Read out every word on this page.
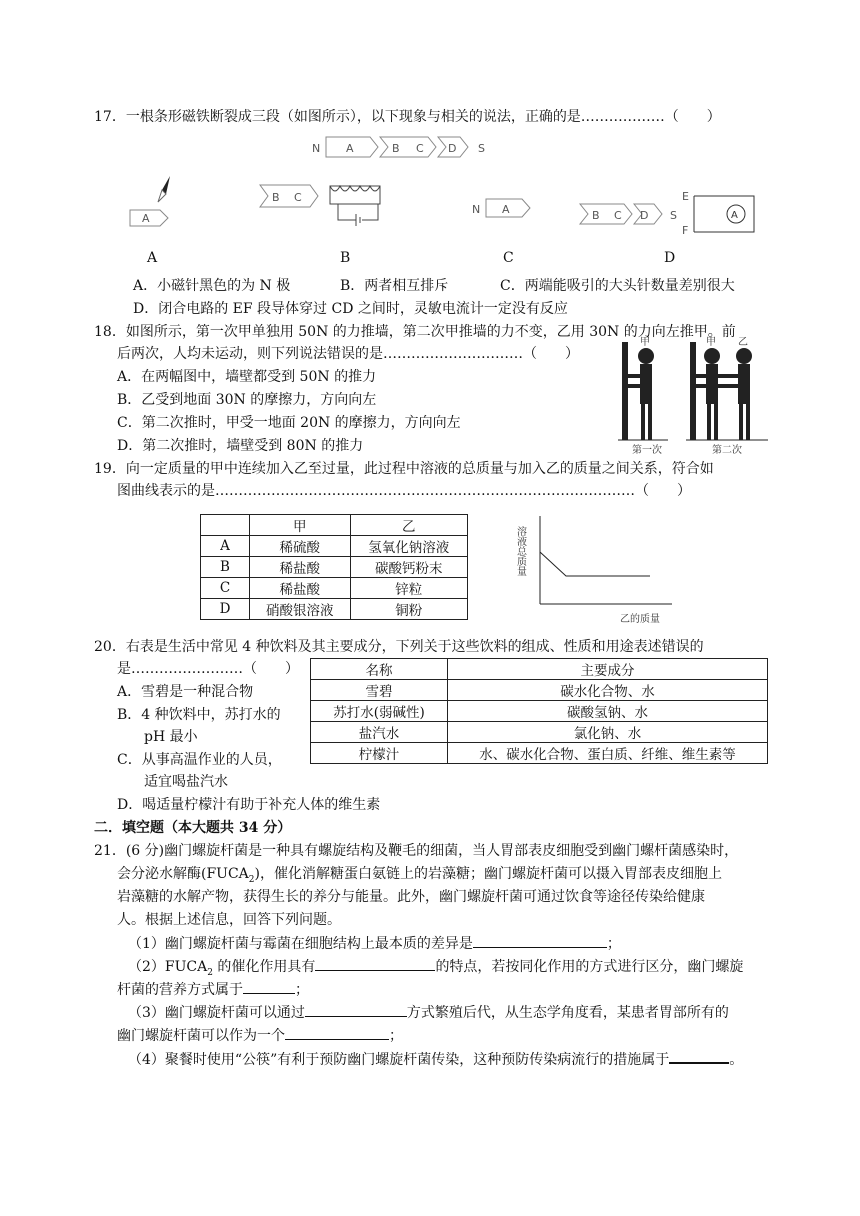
17．一根条形磁铁断裂成三段（如图所示），以下现象与相关的说法，正确的是………………（　　）
N A	B C D S
A
B C
N A	B C D S
E
F
A
A	B	C	D
A．小磁针黑色的为 N 极	B．两者相互排斥	C．两端能吸引的大头针数量差别很大
D．闭合电路的 EF 段导体穿过 CD 之间时，灵敏电流计一定没有反应
18．如图所示，第一次甲单独用 50N 的力推墙，第二次甲推墙的力不变，乙用 30N 的力向左推甲。前
后两次，人均未运动，则下列说法错误的是…………………………（　　）
A．在两幅图中，墙壁都受到 50N 的推力
B．乙受到地面 30N 的摩擦力，方向向左
C．第二次推时，甲受一地面 20N 的摩擦力，方向向左
D．第二次推时，墙壁受到 80N 的推力
甲
第一次
甲 乙
第二次
19．向一定质量的甲中连续加入乙至过量，此过程中溶液的总质量与加入乙的质量之间关系，符合如
图曲线表示的是………………………………………………………………………………（　　）
	甲	乙
A	稀硫酸	氢氧化钠溶液
B	稀盐酸	碳酸钙粉末
C	稀盐酸	锌粒
D	硝酸银溶液	铜粉
溶液总质量
乙的质量
20．右表是生活中常见 4 种饮料及其主要成分，下列关于这些饮料的组成、性质和用途表述错误的
是……………………（　　）
A．雪碧是一种混合物
B．4 种饮料中，苏打水的
pH 最小
C．从事高温作业的人员，
适宜喝盐汽水
D．喝适量柠檬汁有助于补充人体的维生素
名称	主要成分
雪碧	碳水化合物、水
苏打水(弱碱性)	碳酸氢钠、水
盐汽水	氯化钠、水
柠檬汁	水、碳水化合物、蛋白质、纤维、维生素等
二．填空题（本大题共 34 分）
21．(6 分)幽门螺旋杆菌是一种具有螺旋结构及鞭毛的细菌，当人胃部表皮细胞受到幽门螺杆菌感染时，
会分泌水解酶$(FUCA_2)$，催化消解糖蛋白氨链上的岩藻糖；幽门螺旋杆菌可以摄入胃部表皮细胞上
岩藻糖的水解产物，获得生长的养分与能量。此外，幽门螺旋杆菌可通过饮食等途径传染给健康
人。根据上述信息，回答下列问题。
（1）幽门螺旋杆菌与霉菌在细胞结构上最本质的差异是	；
$(2)FUCA_2$ 的催化作用具有	的特点，若按同化作用的方式进行区分，幽门螺旋
杆菌的营养方式属于	；
（3）幽门螺旋杆菌可以通过	方式繁殖后代，从生态学角度看，某患者胃部所有的
幽门螺旋杆菌可以作为一个	；
（4）聚餐时使用“公筷”有利于预防幽门螺旋杆菌传染，这种预防传染病流行的措施属于	。
